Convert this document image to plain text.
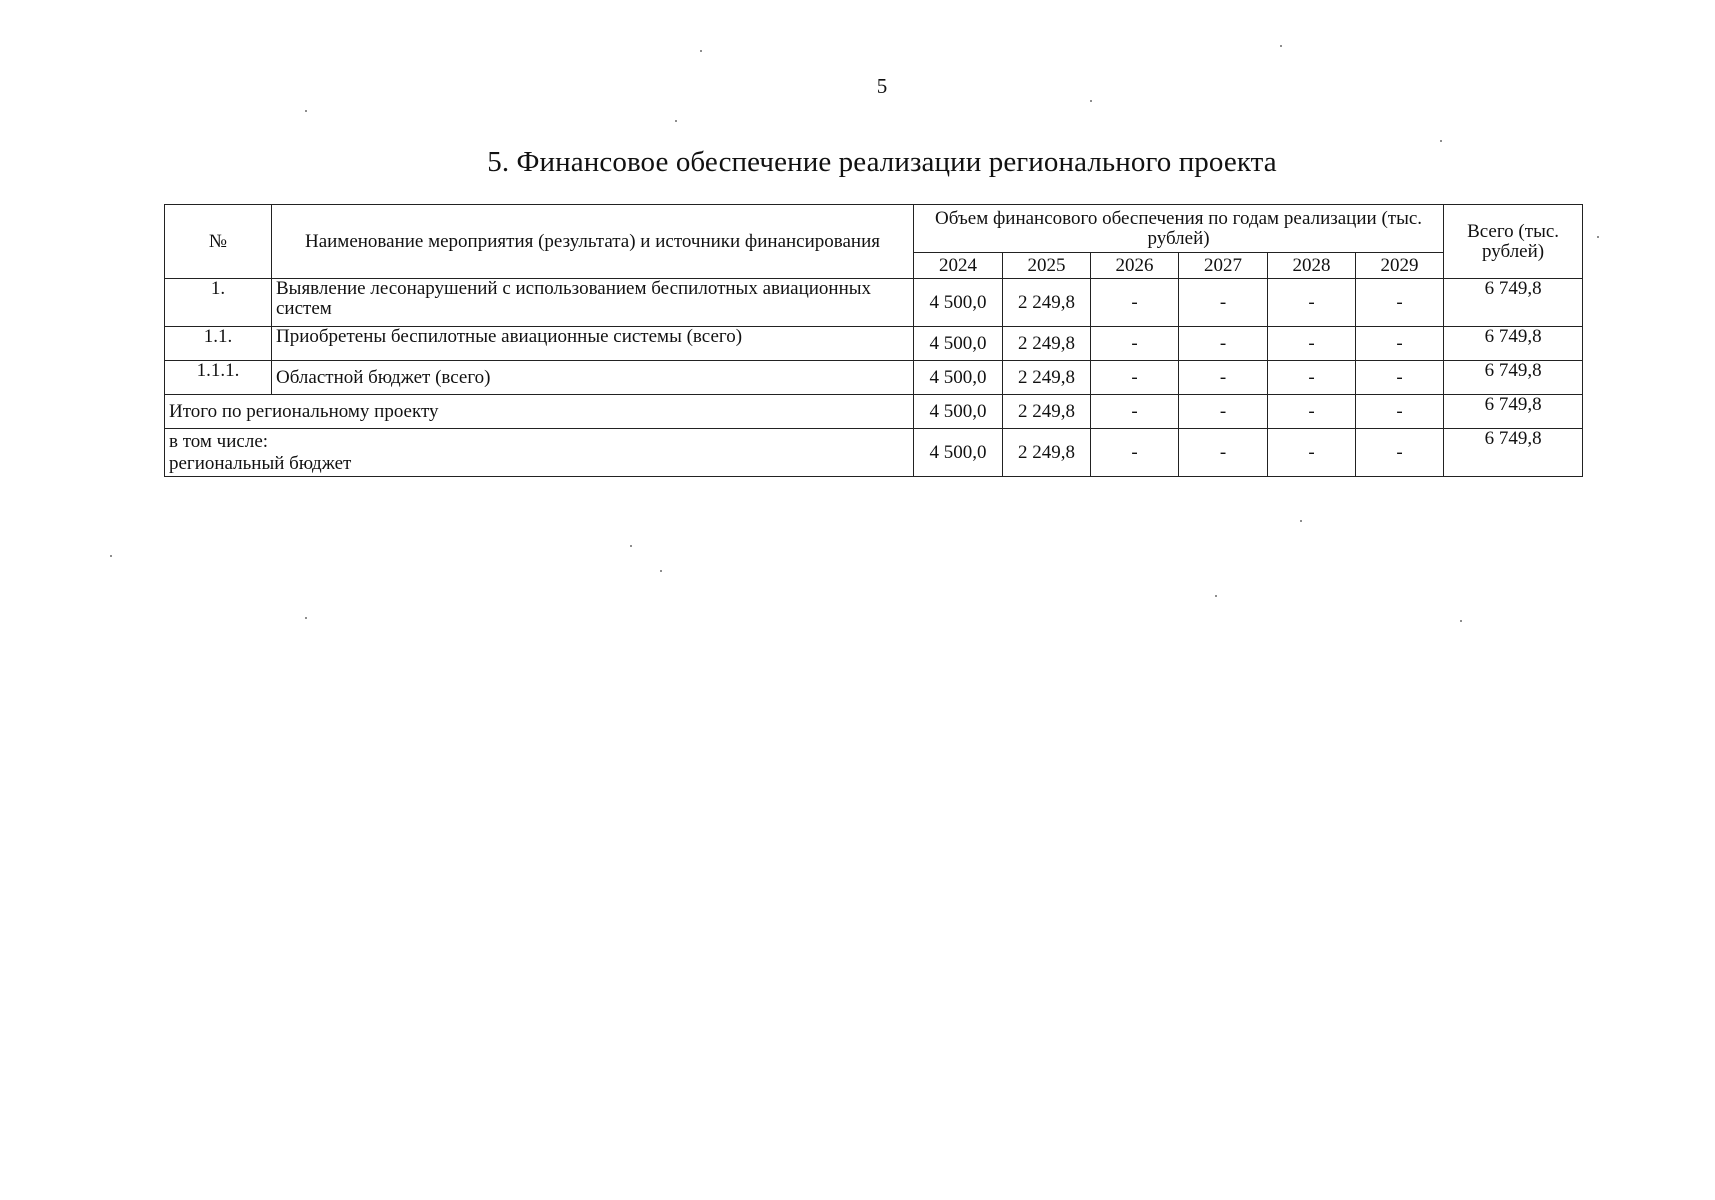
5
5. Финансовое обеспечение реализации регионального проекта
№	Наименование мероприятия (результата) и источники финансирования	Объем финансового обеспечения по годам реализации (тыс. рублей)						Всего (тыс. рублей)
		2024	2025	2026	2027	2028	2029	
1.	Выявление лесонарушений с использованием беспилотных авиационных систем	4 500,0	2 249,8	-	-	-	-	6 749,8
1.1.	Приобретены беспилотные авиационные системы (всего)	4 500,0	2 249,8	-	-	-	-	6 749,8
1.1.1.	Областной бюджет (всего)	4 500,0	2 249,8	-	-	-	-	6 749,8
Итого по региональному проекту		4 500,0	2 249,8	-	-	-	-	6 749,8

в том числе:
региональный бюджет		4 500,0	2 249,8	-	-	-	-	6 749,8
